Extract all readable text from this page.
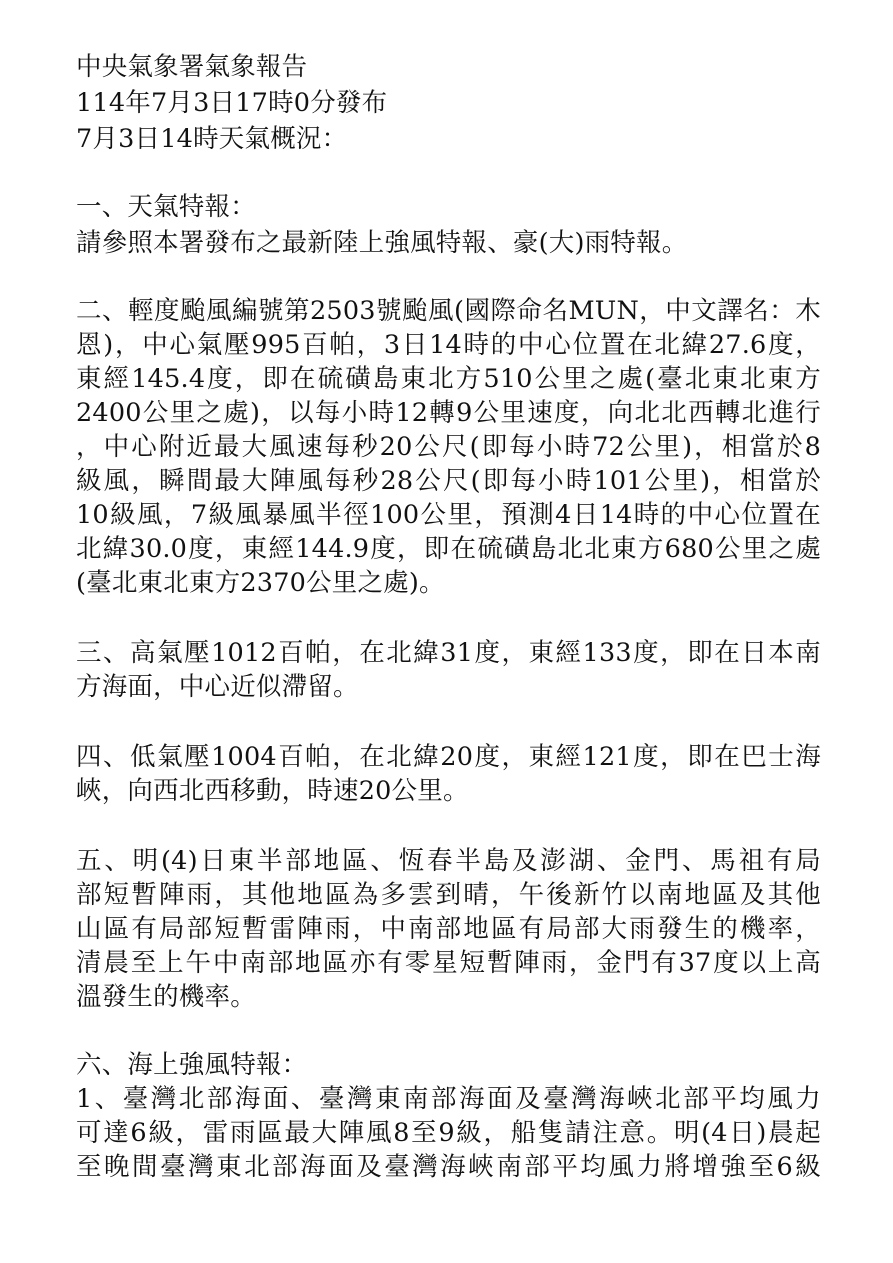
中央氣象署氣象報告
114年7月3日17時0分發布
7月3日14時天氣概況：
一、天氣特報：
請參照本署發布之最新陸上強風特報、豪(大)雨特報。
二、輕度颱風編號第2503號颱風(國際命名MUN，中文譯名：木
恩)，中心氣壓995百帕，3日14時的中心位置在北緯27.6度，
東經145.4度，即在硫磺島東北方510公里之處(臺北東北東方
2400公里之處)，以每小時12轉9公里速度，向北北西轉北進行
，中心附近最大風速每秒20公尺(即每小時72公里)，相當於8
級風，瞬間最大陣風每秒28公尺(即每小時101公里)，相當於
10級風，7級風暴風半徑100公里，預測4日14時的中心位置在
北緯30.0度，東經144.9度，即在硫磺島北北東方680公里之處
(臺北東北東方2370公里之處)。
三、高氣壓1012百帕，在北緯31度，東經133度，即在日本南
方海面，中心近似滯留。
四、低氣壓1004百帕，在北緯20度，東經121度，即在巴士海
峽，向西北西移動，時速20公里。
五、明(4)日東半部地區、恆春半島及澎湖、金門、馬祖有局
部短暫陣雨，其他地區為多雲到晴，午後新竹以南地區及其他
山區有局部短暫雷陣雨，中南部地區有局部大雨發生的機率，
清晨至上午中南部地區亦有零星短暫陣雨，金門有37度以上高
溫發生的機率。
六、海上強風特報：
1、臺灣北部海面、臺灣東南部海面及臺灣海峽北部平均風力
可達6級，雷雨區最大陣風8至9級，船隻請注意。明(4日)晨起
至晚間臺灣東北部海面及臺灣海峽南部平均風力將增強至6級
